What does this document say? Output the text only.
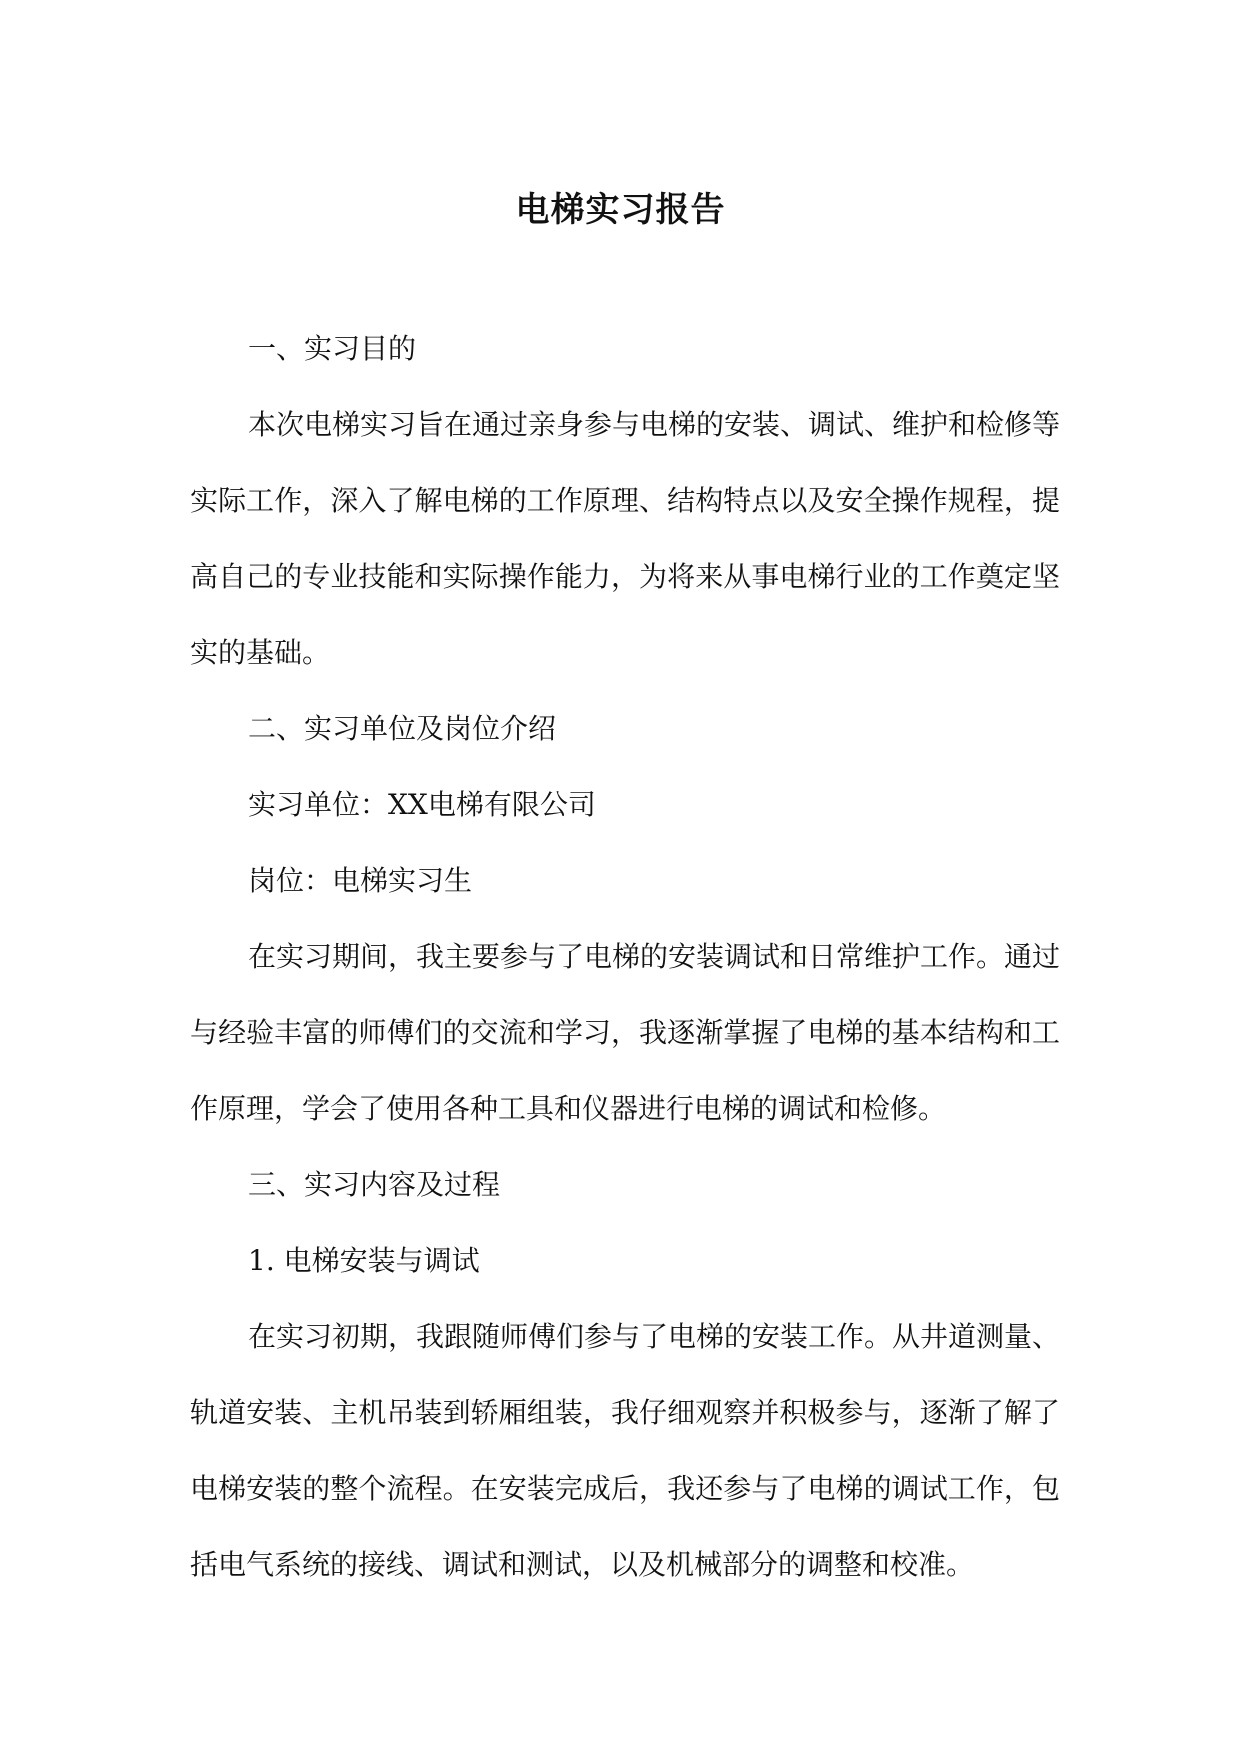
电梯实习报告

一、实习目的

本次电梯实习旨在通过亲身参与电梯的安装、调试、维护和检修等实际工作，深入了解电梯的工作原理、结构特点以及安全操作规程，提高自己的专业技能和实际操作能力，为将来从事电梯行业的工作奠定坚实的基础。

二、实习单位及岗位介绍

实习单位：XX电梯有限公司

岗位：电梯实习生

在实习期间，我主要参与了电梯的安装调试和日常维护工作。通过与经验丰富的师傅们的交流和学习，我逐渐掌握了电梯的基本结构和工作原理，学会了使用各种工具和仪器进行电梯的调试和检修。

三、实习内容及过程

1. 电梯安装与调试

在实习初期，我跟随师傅们参与了电梯的安装工作。从井道测量、轨道安装、主机吊装到轿厢组装，我仔细观察并积极参与，逐渐了解了电梯安装的整个流程。在安装完成后，我还参与了电梯的调试工作，包括电气系统的接线、调试和测试，以及机械部分的调整和校准。
